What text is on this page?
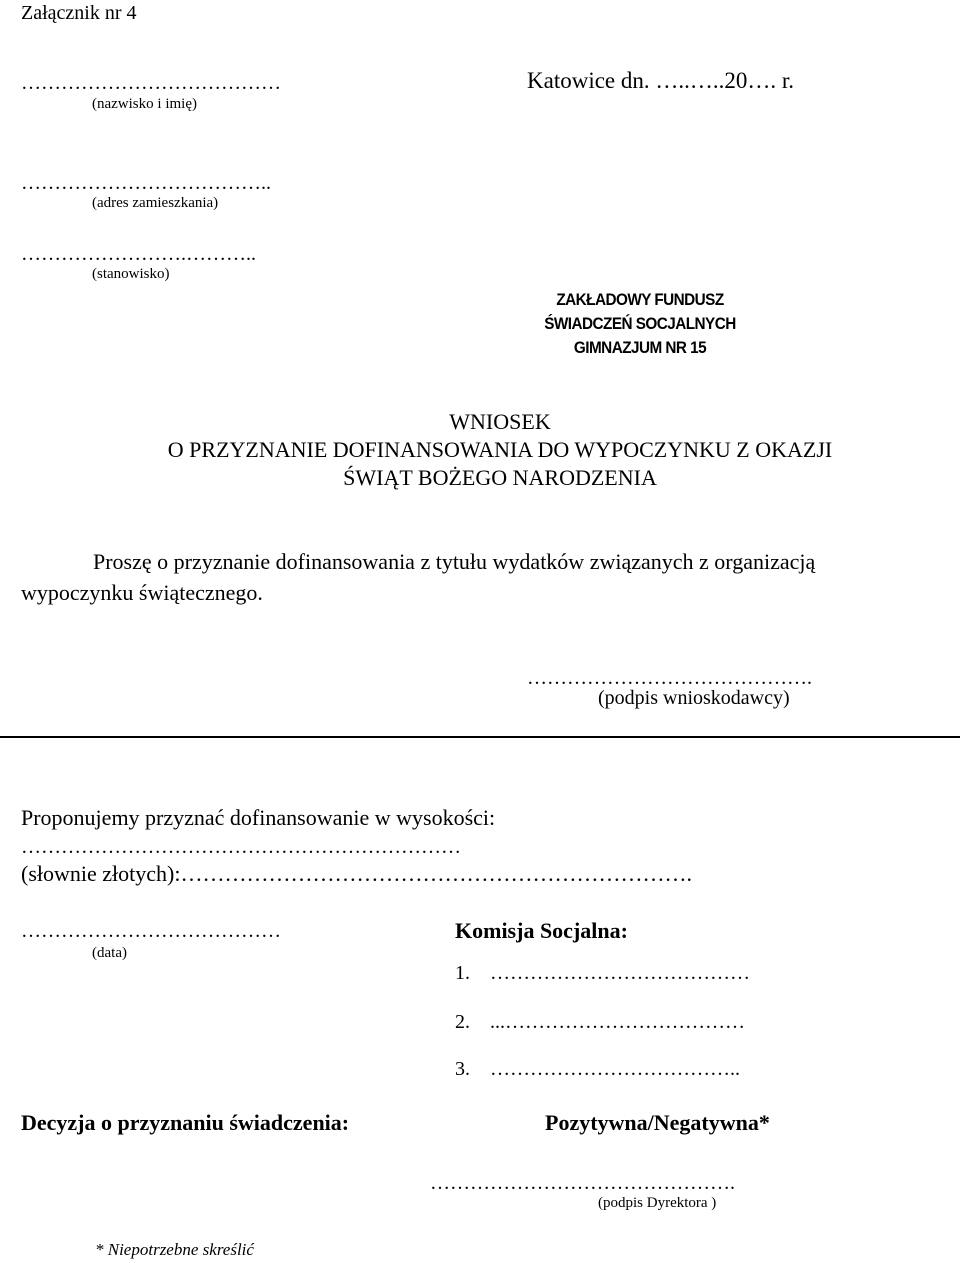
Załącznik nr 4
…………………………………
(nazwisko i imię)
Katowice dn. …..…..20…. r.
………………………………..
(adres zamieszkania)
…………………….………..
(stanowisko)
ZAKŁADOWY FUNDUSZ
ŚWIADCZEŃ SOCJALNYCH
GIMNAZJUM NR 15
WNIOSEK
O PRZYZNANIE DOFINANSOWANIA DO WYPOCZYNKU Z OKAZJI
ŚWIĄT BOŻEGO NARODZENIA
Proszę o przyznanie dofinansowania z tytułu wydatków związanych z organizacją
wypoczynku świątecznego.
…………………………………….
(podpis wnioskodawcy)
Proponujemy przyznać dofinansowanie w wysokości:
…………………………………………………………
(słownie złotych):…………………………………………………………….
…………………………………
(data)
Komisja Socjalna:
1.    …………………………………
2.    ...………………………………
3.    ………………………………..
Decyzja o przyznaniu świadczenia:	Pozytywna/Negatywna*
……………………………………….
(podpis Dyrektora )
* Niepotrzebne skreślić
